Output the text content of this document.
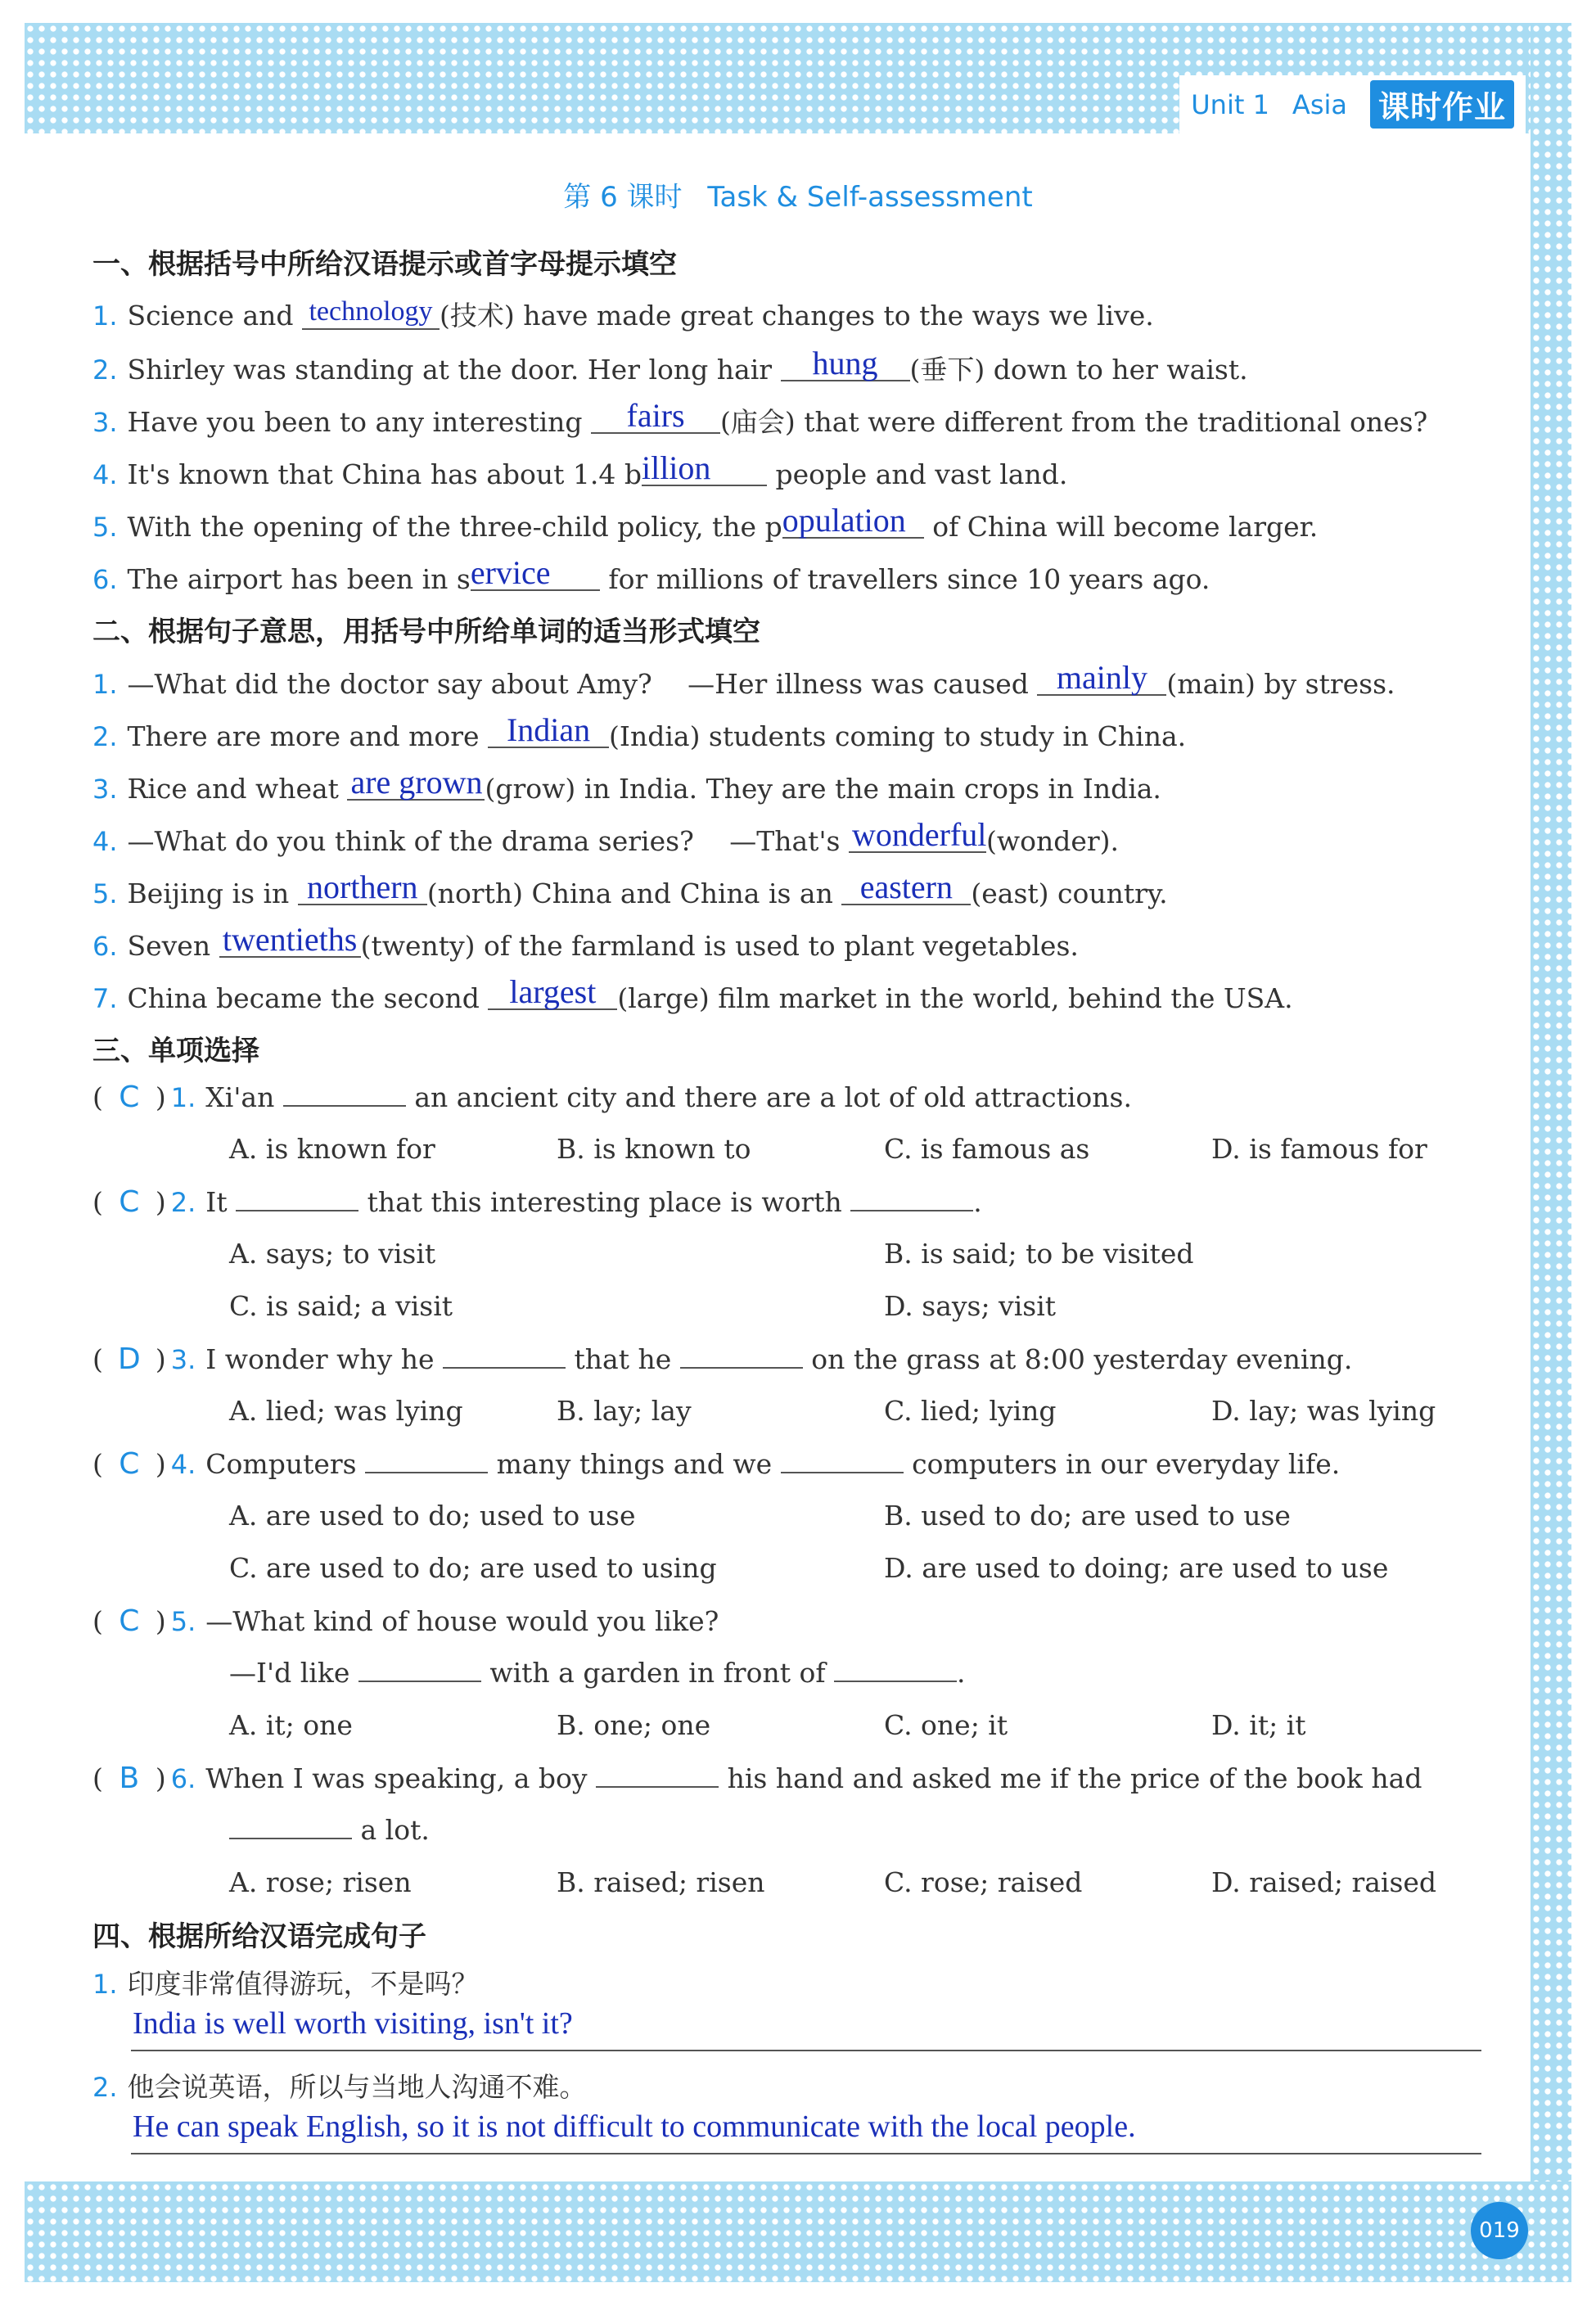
Unit 1 Asia 课时作业
第 6 课时 Task & Self-assessment
一、根据括号中所给汉语提示或首字母提示填空
1. Science and technology (技术) have made great changes to the ways we live.
2. Shirley was standing at the door. Her long hair hung (垂下) down to her waist.
3. Have you been to any interesting fairs (庙会) that were different from the traditional ones?
4. It's known that China has about 1.4 billion people and vast land.
5. With the opening of the three-child policy, the population of China will become larger.
6. The airport has been in service for millions of travellers since 10 years ago.
二、根据句子意思，用括号中所给单词的适当形式填空
1. —What did the doctor say about Amy?　 —Her illness was caused mainly (main) by stress.
2. There are more and more Indian (India) students coming to study in China.
3. Rice and wheat are grown(grow) in India. They are the main crops in India.
4. —What do you think of the drama series?　 —That's wonderful(wonder).
5. Beijing is in northern (north) China and China is an eastern (east) country.
6. Seven twentieths (twenty) of the farmland is used to plant vegetables.
7. China became the second largest (large) film market in the world, behind the USA.
三、单项选择
( C ) 1. Xi'an	an ancient city and there are a lot of old attractions.
A. is known for	B. is known to	C. is famous as	D. is famous for
( C ) 2. It	that this interesting place is worth	.
A. says; to visit	B. is said; to be visited
C. is said; a visit	D. says; visit
( D ) 3. I wonder why he	that he	on the grass at 8:00 yesterday evening.
A. lied; was lying	B. lay; lay	C. lied; lying	D. lay; was lying
( C ) 4. Computers	many things and we	computers in our everyday life.
A. are used to do; used to use	B. used to do; are used to use
C. are used to do; are used to using	D. are used to doing; are used to use
( C ) 5. —What kind of house would you like?
—I'd like	with a garden in front of	.
A. it; one	B. one; one	C. one; it	D. it; it
( B ) 6. When I was speaking, a boy	his hand and asked me if the price of the book had
a lot.
A. rose; risen	B. raised; risen	C. rose; raised	D. raised; raised
四、根据所给汉语完成句子
1. 印度非常值得游玩，不是吗？
India is well worth visiting, isn't it?
2. 他会说英语，所以与当地人沟通不难。
He can speak English, so it is not difficult to communicate with the local people.
019
